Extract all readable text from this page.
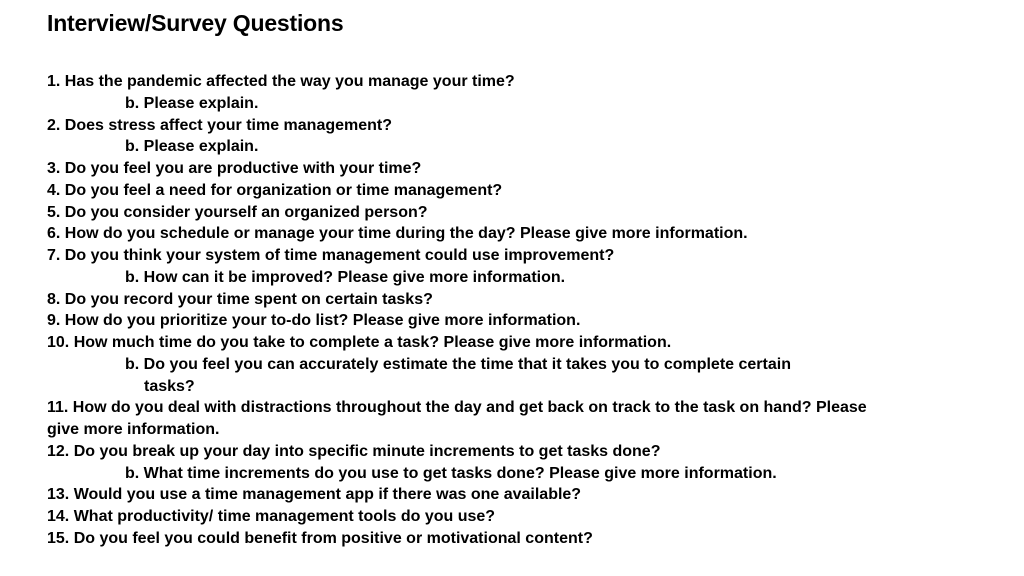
Interview/Survey Questions
1. Has the pandemic affected the way you manage your time?
b. Please explain.
2. Does stress affect your time management?
b. Please explain.
3. Do you feel you are productive with your time?
4. Do you feel a need for organization or time management?
5. Do you consider yourself an organized person?
6. How do you schedule or manage your time during the day? Please give more information.
7. Do you think your system of time management could use improvement?
b. How can it be improved? Please give more information.
8. Do you record your time spent on certain tasks?
9. How do you prioritize your to-do list? Please give more information.
10. How much time do you take to complete a task? Please give more information.
b. Do you feel you can accurately estimate the time that it takes you to complete certain
tasks?
11. How do you deal with distractions throughout the day and get back on track to the task on hand? Please
give more information.
12. Do you break up your day into specific minute increments to get tasks done?
b. What time increments do you use to get tasks done? Please give more information.
13. Would you use a time management app if there was one available?
14. What productivity/ time management tools do you use?
15. Do you feel you could benefit from positive or motivational content?
